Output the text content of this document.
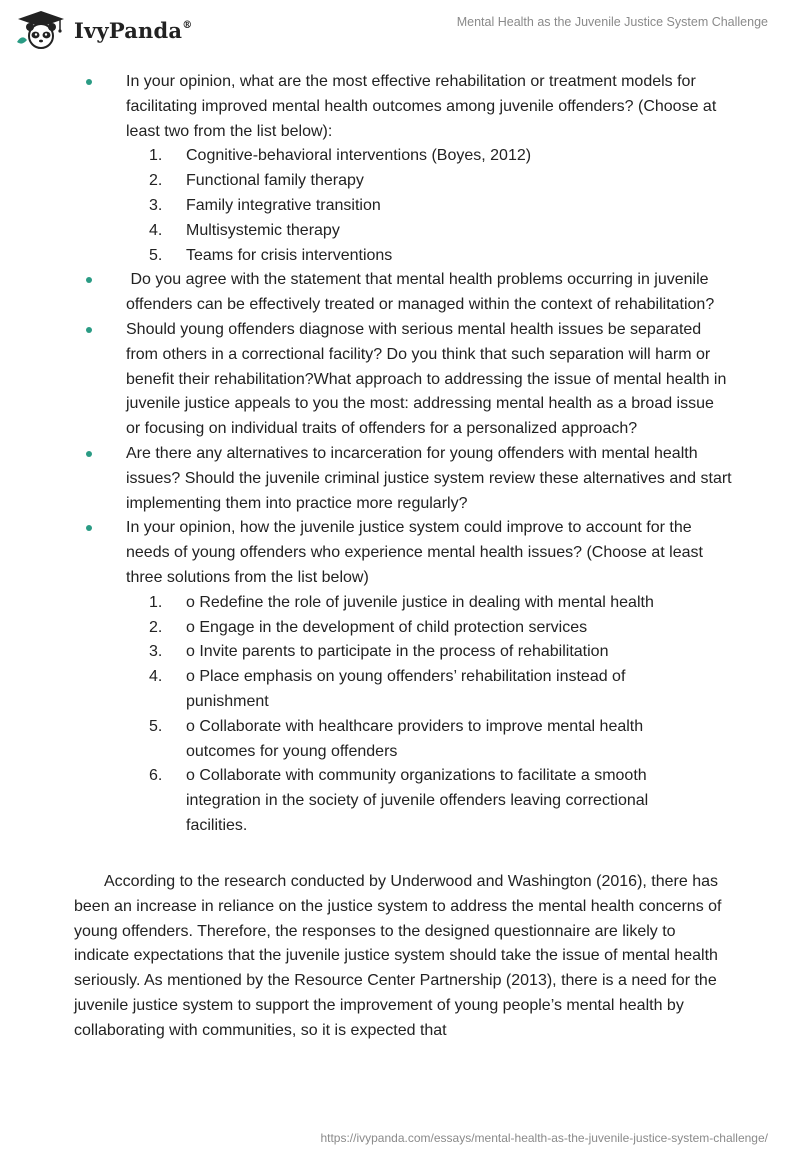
IvyPanda®	Mental Health as the Juvenile Justice System Challenge
In your opinion, what are the most effective rehabilitation or treatment models for facilitating improved mental health outcomes among juvenile offenders? (Choose at least two from the list below):
1. Cognitive-behavioral interventions (Boyes, 2012)
2. Functional family therapy
3. Family integrative transition
4. Multisystemic therapy
5. Teams for crisis interventions
Do you agree with the statement that mental health problems occurring in juvenile offenders can be effectively treated or managed within the context of rehabilitation?
Should young offenders diagnose with serious mental health issues be separated from others in a correctional facility? Do you think that such separation will harm or benefit their rehabilitation?What approach to addressing the issue of mental health in juvenile justice appeals to you the most: addressing mental health as a broad issue or focusing on individual traits of offenders for a personalized approach?
Are there any alternatives to incarceration for young offenders with mental health issues? Should the juvenile criminal justice system review these alternatives and start implementing them into practice more regularly?
In your opinion, how the juvenile justice system could improve to account for the needs of young offenders who experience mental health issues? (Choose at least three solutions from the list below)
1. o Redefine the role of juvenile justice in dealing with mental health
2. o Engage in the development of child protection services
3. o Invite parents to participate in the process of rehabilitation
4. o Place emphasis on young offenders’ rehabilitation instead of punishment
5. o Collaborate with healthcare providers to improve mental health outcomes for young offenders
6. o Collaborate with community organizations to facilitate a smooth integration in the society of juvenile offenders leaving correctional facilities.

According to the research conducted by Underwood and Washington (2016), there has been an increase in reliance on the justice system to address the mental health concerns of young offenders. Therefore, the responses to the designed questionnaire are likely to indicate expectations that the juvenile justice system should take the issue of mental health seriously. As mentioned by the Resource Center Partnership (2013), there is a need for the juvenile justice system to support the improvement of young people’s mental health by collaborating with communities, so it is expected that

https://ivypanda.com/essays/mental-health-as-the-juvenile-justice-system-challenge/
